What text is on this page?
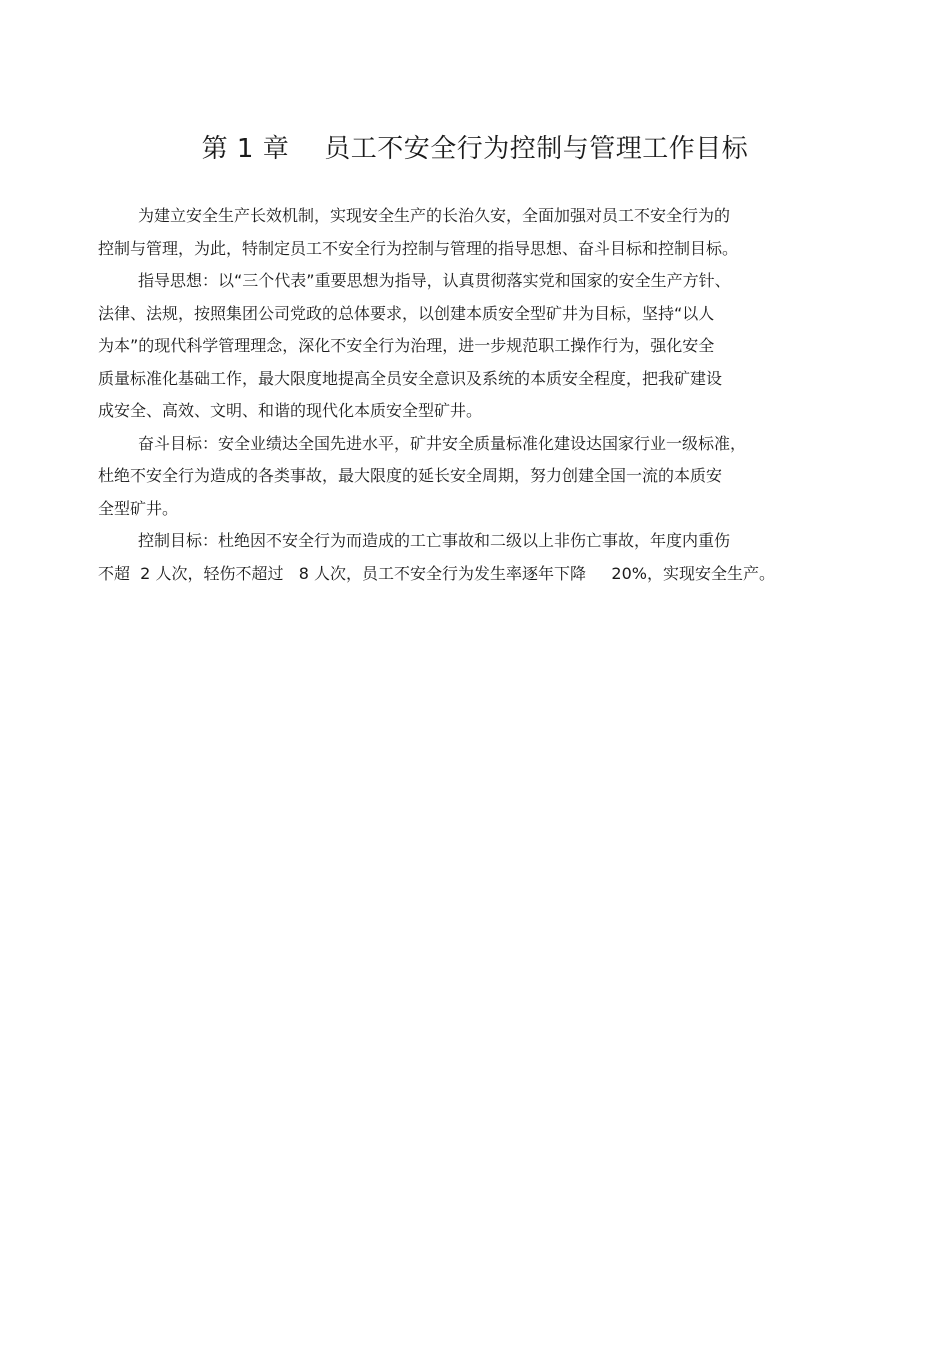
第 1 章    员工不安全行为控制与管理工作目标
为建立安全生产长效机制，实现安全生产的长治久安，全面加强对员工不安全行为的
控制与管理，为此，特制定员工不安全行为控制与管理的指导思想、奋斗目标和控制目标。
指导思想：以“三个代表”重要思想为指导，认真贯彻落实党和国家的安全生产方针、
法律、法规，按照集团公司党政的总体要求，以创建本质安全型矿井为目标，坚持“以人
为本”的现代科学管理理念，深化不安全行为治理，进一步规范职工操作行为，强化安全
质量标准化基础工作，最大限度地提高全员安全意识及系统的本质安全程度，把我矿建设
成安全、高效、文明、和谐的现代化本质安全型矿井。
奋斗目标：安全业绩达全国先进水平，矿井安全质量标准化建设达国家行业一级标准，
杜绝不安全行为造成的各类事故，最大限度的延长安全周期，努力创建全国一流的本质安
全型矿井。
控制目标：杜绝因不安全行为而造成的工亡事故和二级以上非伤亡事故，年度内重伤
不超  2 人次，轻伤不超过   8 人次，员工不安全行为发生率逐年下降     20%，实现安全生产。
